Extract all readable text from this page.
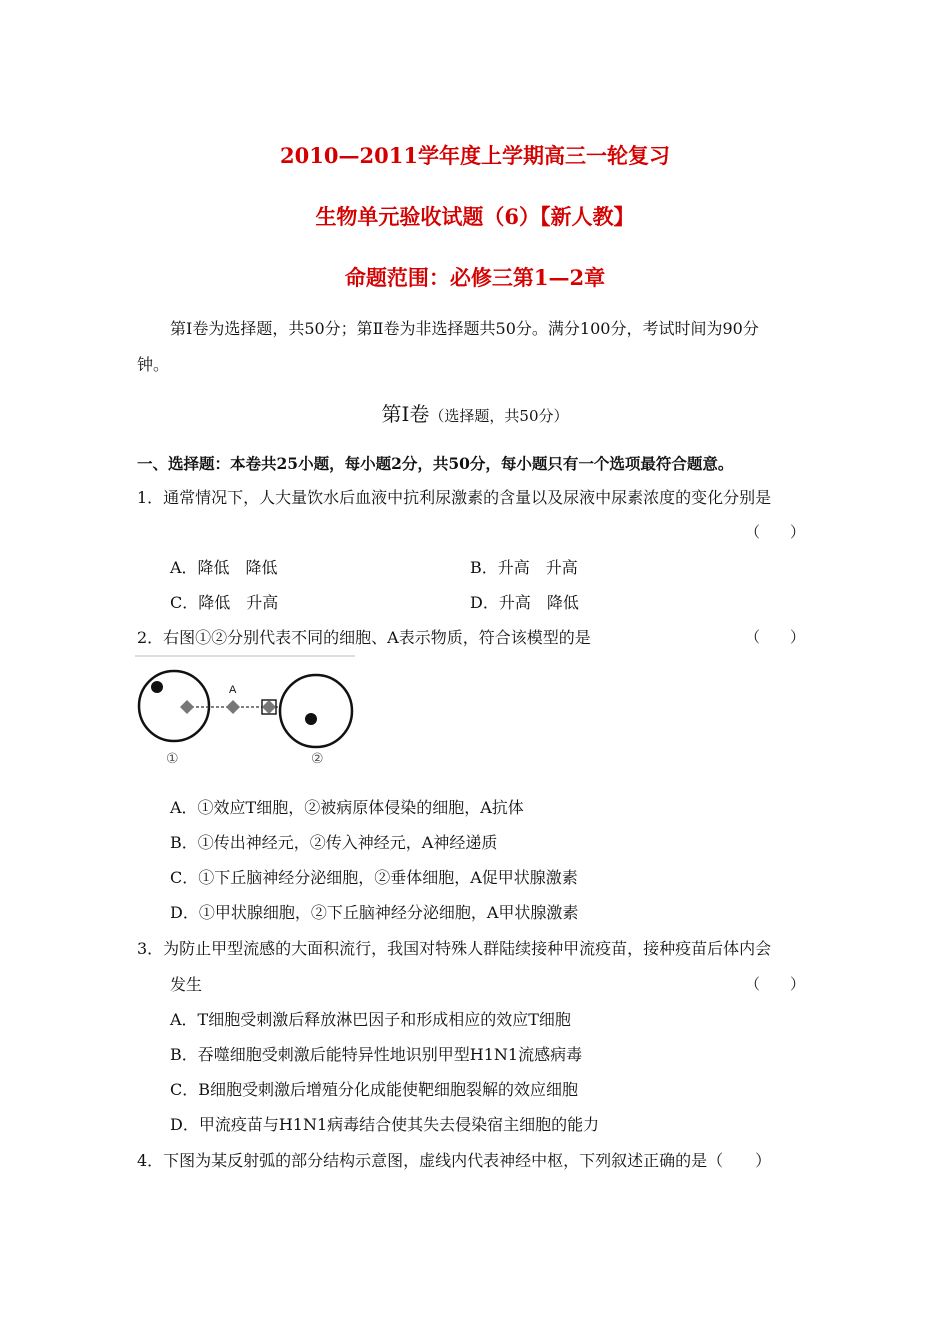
2010—2011学年度上学期高三一轮复习
生物单元验收试题（6）【新人教】
命题范围：必修三第1—2章
第Ⅰ卷为选择题，共50分；第Ⅱ卷为非选择题共50分。满分100分，考试时间为90分
钟。
第Ⅰ卷（选择题，共50分）
一、选择题：本卷共25小题，每小题2分，共50分，每小题只有一个选项最符合题意。
1．通常情况下，人大量饮水后血液中抗利尿激素的含量以及尿液中尿素浓度的变化分别是
（　　）
A．降低　降低	B．升高　升高
C．降低　升高	D．升高　降低
2．右图①②分别代表不同的细胞、A表示物质，符合该模型的是	（　　）
A
①	②
A．①效应T细胞，②被病原体侵染的细胞，A抗体
B．①传出神经元，②传入神经元，A神经递质
C．①下丘脑神经分泌细胞，②垂体细胞，A促甲状腺激素
D．①甲状腺细胞，②下丘脑神经分泌细胞，A甲状腺激素
3．为防止甲型流感的大面积流行，我国对特殊人群陆续接种甲流疫苗，接种疫苗后体内会
发生	（　　）
A．T细胞受刺激后释放淋巴因子和形成相应的效应T细胞
B．吞噬细胞受刺激后能特异性地识别甲型H1N1流感病毒
C．B细胞受刺激后增殖分化成能使靶细胞裂解的效应细胞
D．甲流疫苗与H1N1病毒结合使其失去侵染宿主细胞的能力
4．下图为某反射弧的部分结构示意图，虚线内代表神经中枢，下列叙述正确的是（　　）
